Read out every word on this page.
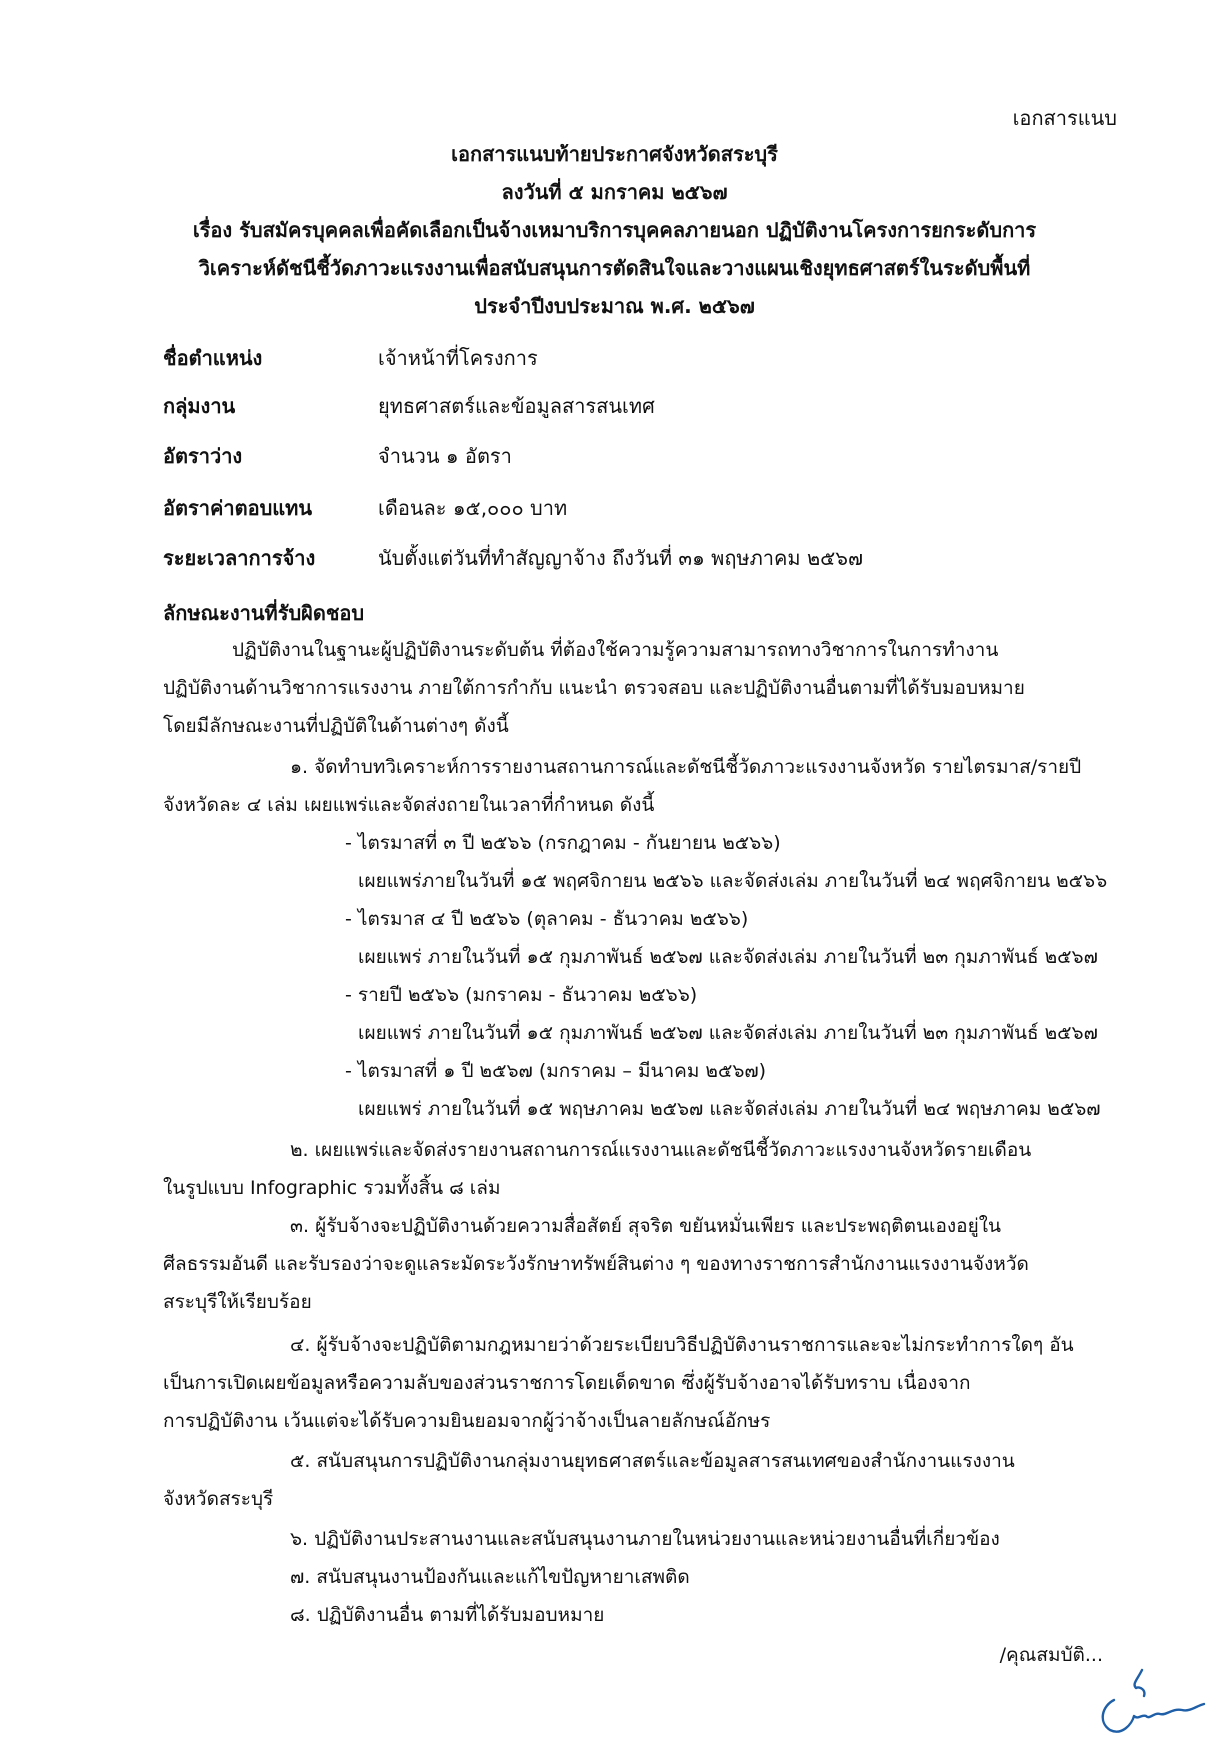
เอกสารแนบ
เอกสารแนบท้ายประกาศจังหวัดสระบุรี
ลงวันที่ ๕ มกราคม ๒๕๖๗
เรื่อง รับสมัครบุคคลเพื่อคัดเลือกเป็นจ้างเหมาบริการบุคคลภายนอก ปฏิบัติงานโครงการยกระดับการ
วิเคราะห์ดัชนีชี้วัดภาวะแรงงานเพื่อสนับสนุนการตัดสินใจและวางแผนเชิงยุทธศาสตร์ในระดับพื้นที่
ประจำปีงบประมาณ พ.ศ. ๒๕๖๗
ชื่อตำแหน่ง	เจ้าหน้าที่โครงการ
กลุ่มงาน	ยุทธศาสตร์และข้อมูลสารสนเทศ
อัตราว่าง	จำนวน ๑ อัตรา
อัตราค่าตอบแทน	เดือนละ ๑๕,๐๐๐ บาท
ระยะเวลาการจ้าง	นับตั้งแต่วันที่ทำสัญญาจ้าง ถึงวันที่ ๓๑ พฤษภาคม ๒๕๖๗
ลักษณะงานที่รับผิดชอบ
ปฏิบัติงานในฐานะผู้ปฏิบัติงานระดับต้น ที่ต้องใช้ความรู้ความสามารถทางวิชาการในการทำงาน
ปฏิบัติงานด้านวิชาการแรงงาน ภายใต้การกำกับ แนะนำ ตรวจสอบ และปฏิบัติงานอื่นตามที่ได้รับมอบหมาย
โดยมีลักษณะงานที่ปฏิบัติในด้านต่างๆ ดังนี้
๑. จัดทำบทวิเคราะห์การรายงานสถานการณ์และดัชนีชี้วัดภาวะแรงงานจังหวัด รายไตรมาส/รายปี
จังหวัดละ ๔ เล่ม เผยแพร่และจัดส่งถายในเวลาที่กำหนด ดังนี้
- ไตรมาสที่ ๓ ปี ๒๕๖๖ (กรกฎาคม - กันยายน ๒๕๖๖)
เผยแพร่ภายในวันที่ ๑๕ พฤศจิกายน ๒๕๖๖ และจัดส่งเล่ม ภายในวันที่ ๒๔ พฤศจิกายน ๒๕๖๖
- ไตรมาส ๔ ปี ๒๕๖๖ (ตุลาคม - ธันวาคม ๒๕๖๖)
เผยแพร่ ภายในวันที่ ๑๕ กุมภาพันธ์ ๒๕๖๗ และจัดส่งเล่ม ภายในวันที่ ๒๓ กุมภาพันธ์ ๒๕๖๗
- รายปี ๒๕๖๖ (มกราคม - ธันวาคม ๒๕๖๖)
เผยแพร่ ภายในวันที่ ๑๕ กุมภาพันธ์ ๒๕๖๗ และจัดส่งเล่ม ภายในวันที่ ๒๓ กุมภาพันธ์ ๒๕๖๗
- ไตรมาสที่ ๑ ปี ๒๕๖๗ (มกราคม – มีนาคม ๒๕๖๗)
เผยแพร่ ภายในวันที่ ๑๕ พฤษภาคม ๒๕๖๗ และจัดส่งเล่ม ภายในวันที่ ๒๔ พฤษภาคม ๒๕๖๗
๒. เผยแพร่และจัดส่งรายงานสถานการณ์แรงงานและดัชนีชี้วัดภาวะแรงงานจังหวัดรายเดือน
ในรูปแบบ Infographic รวมทั้งสิ้น ๘ เล่ม
๓. ผู้รับจ้างจะปฏิบัติงานด้วยความสื่อสัตย์ สุจริต ขยันหมั่นเพียร และประพฤติตนเองอยู่ใน
ศีลธรรมอันดี และรับรองว่าจะดูแลระมัดระวังรักษาทรัพย์สินต่าง ๆ ของทางราชการสำนักงานแรงงานจังหวัด
สระบุรีให้เรียบร้อย
๔. ผู้รับจ้างจะปฏิบัติตามกฎหมายว่าด้วยระเบียบวิธีปฏิบัติงานราชการและจะไม่กระทำการใดๆ อัน
เป็นการเปิดเผยข้อมูลหรือความลับของส่วนราชการโดยเด็ดขาด ซึ่งผู้รับจ้างอาจได้รับทราบ เนื่องจาก
การปฏิบัติงาน เว้นแต่จะได้รับความยินยอมจากผู้ว่าจ้างเป็นลายลักษณ์อักษร
๕. สนับสนุนการปฏิบัติงานกลุ่มงานยุทธศาสตร์และข้อมูลสารสนเทศของสำนักงานแรงงาน
จังหวัดสระบุรี
๖. ปฏิบัติงานประสานงานและสนับสนุนงานภายในหน่วยงานและหน่วยงานอื่นที่เกี่ยวข้อง
๗. สนับสนุนงานป้องกันและแก้ไขปัญหายาเสพติด
๘. ปฏิบัติงานอื่น ตามที่ได้รับมอบหมาย
/คุณสมบัติ...
